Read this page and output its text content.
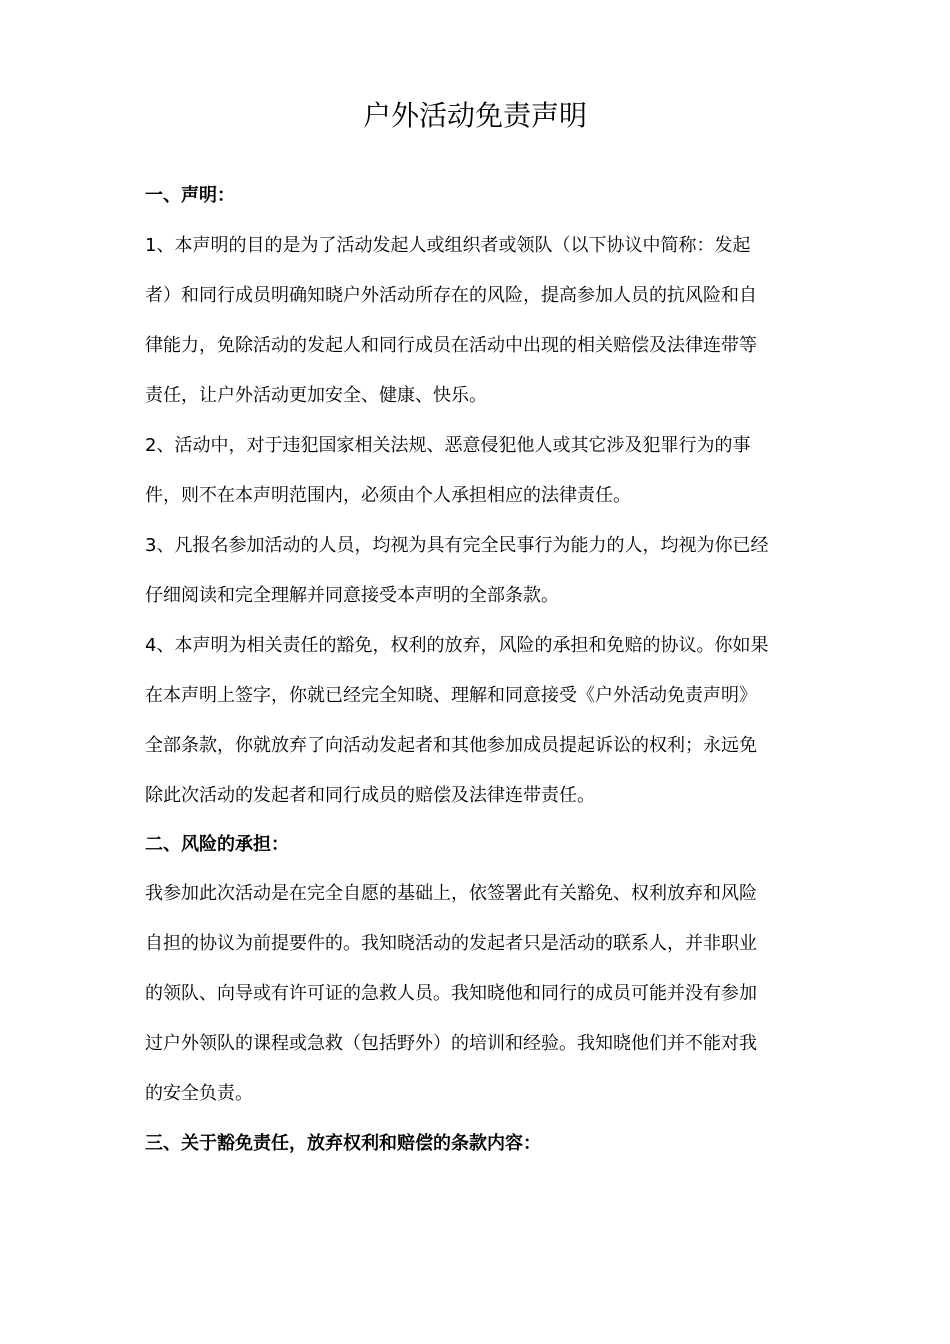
户外活动免责声明
一、声明：
1、本声明的目的是为了活动发起人或组织者或领队（以下协议中简称：发起
者）和同行成员明确知晓户外活动所存在的风险，提高参加人员的抗风险和自
律能力，免除活动的发起人和同行成员在活动中出现的相关赔偿及法律连带等
责任，让户外活动更加安全、健康、快乐。
2、活动中，对于违犯国家相关法规、恶意侵犯他人或其它涉及犯罪行为的事
件，则不在本声明范围内，必须由个人承担相应的法律责任。
3、凡报名参加活动的人员，均视为具有完全民事行为能力的人，均视为你已经
仔细阅读和完全理解并同意接受本声明的全部条款。
4、本声明为相关责任的豁免，权利的放弃，风险的承担和免赔的协议。你如果
在本声明上签字，你就已经完全知晓、理解和同意接受《户外活动免责声明》
全部条款，你就放弃了向活动发起者和其他参加成员提起诉讼的权利；永远免
除此次活动的发起者和同行成员的赔偿及法律连带责任。
二、风险的承担：
我参加此次活动是在完全自愿的基础上，依签署此有关豁免、权利放弃和风险
自担的协议为前提要件的。我知晓活动的发起者只是活动的联系人，并非职业
的领队、向导或有许可证的急救人员。我知晓他和同行的成员可能并没有参加
过户外领队的课程或急救（包括野外）的培训和经验。我知晓他们并不能对我
的安全负责。
三、关于豁免责任，放弃权利和赔偿的条款内容：
